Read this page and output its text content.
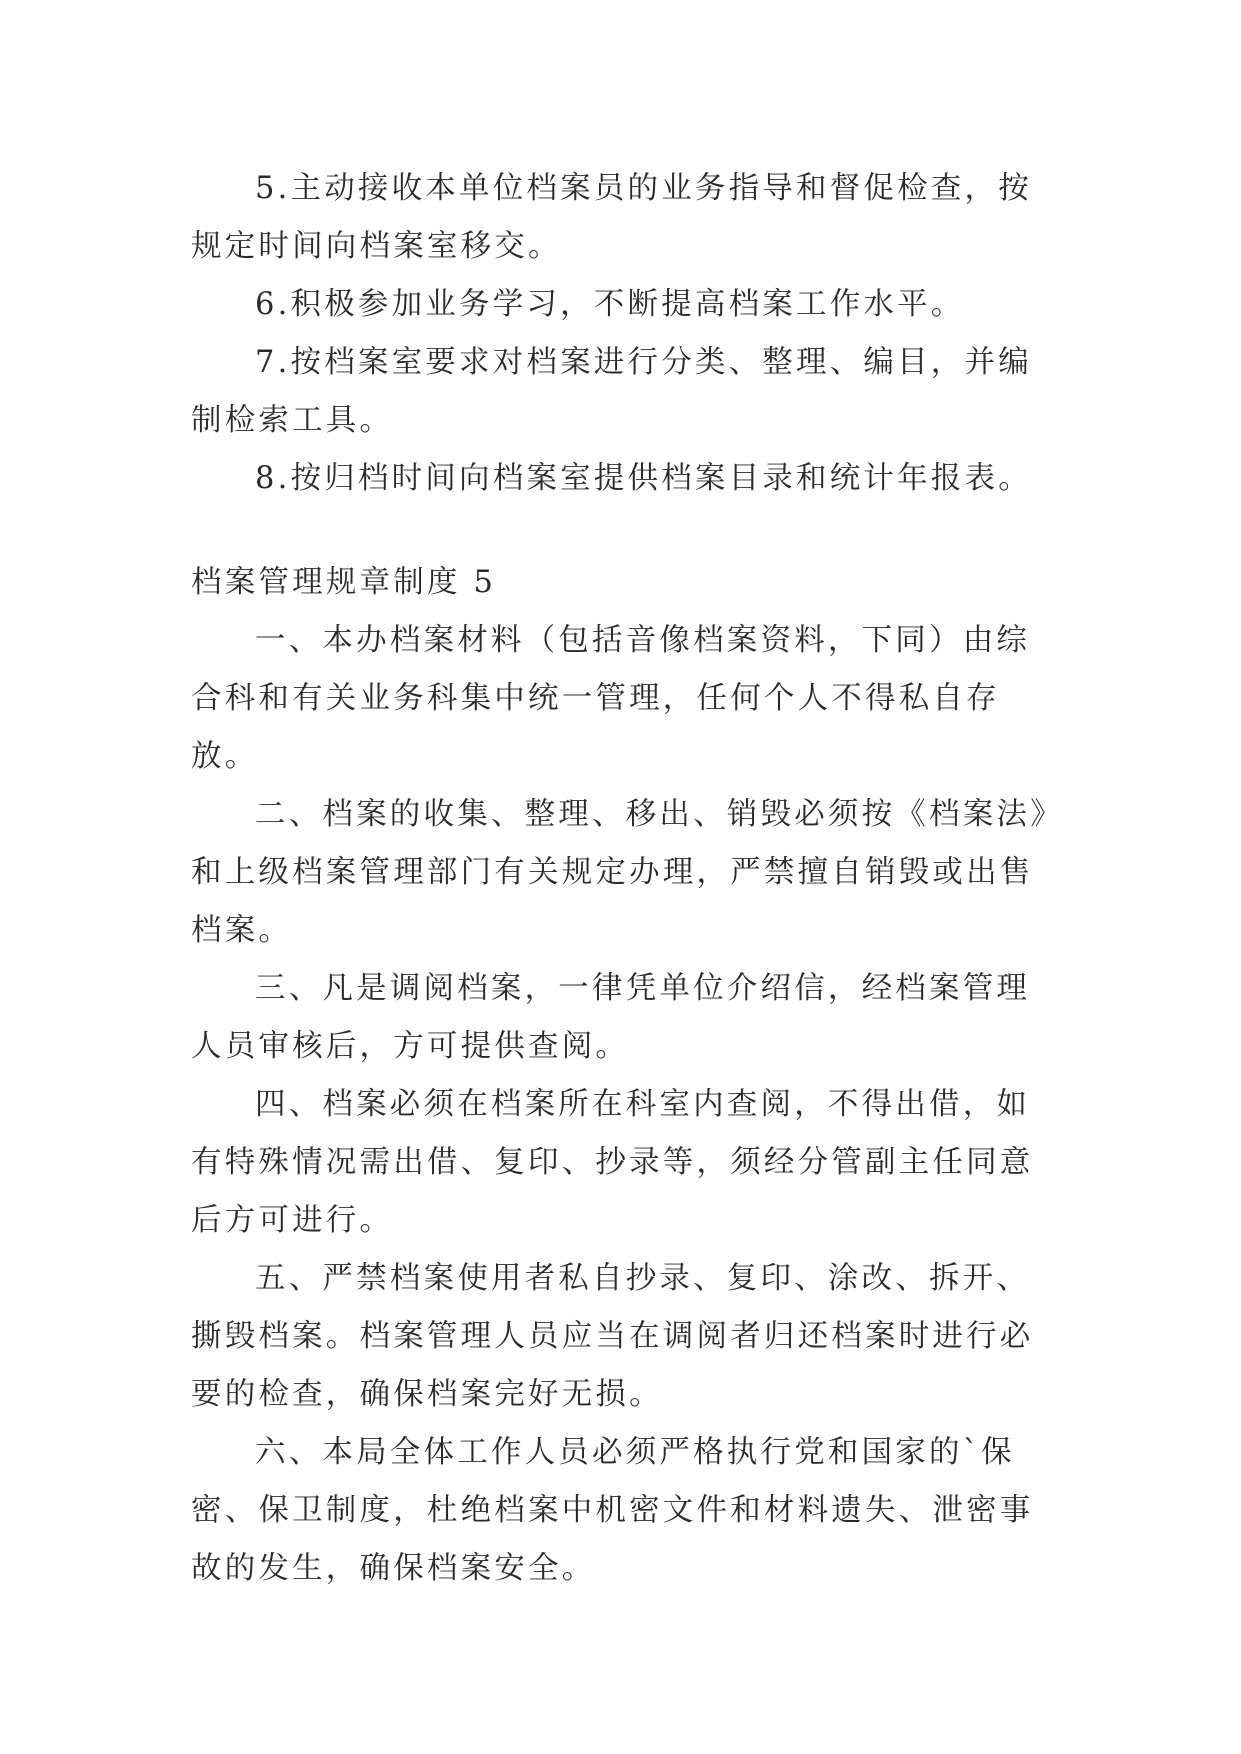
5.主动接收本单位档案员的业务指导和督促检查，按规定时间向档案室移交。

6.积极参加业务学习，不断提高档案工作水平。

7.按档案室要求对档案进行分类、整理、编目，并编制检索工具。

8.按归档时间向档案室提供档案目录和统计年报表。

档案管理规章制度 5

一、本办档案材料（包括音像档案资料，下同）由综合科和有关业务科集中统一管理，任何个人不得私自存放。

二、档案的收集、整理、移出、销毁必须按《档案法》和上级档案管理部门有关规定办理，严禁擅自销毁或出售档案。

三、凡是调阅档案，一律凭单位介绍信，经档案管理人员审核后，方可提供查阅。

四、档案必须在档案所在科室内查阅，不得出借，如有特殊情况需出借、复印、抄录等，须经分管副主任同意后方可进行。

五、严禁档案使用者私自抄录、复印、涂改、拆开、撕毁档案。档案管理人员应当在调阅者归还档案时进行必要的检查，确保档案完好无损。

六、本局全体工作人员必须严格执行党和国家的`保密、保卫制度，杜绝档案中机密文件和材料遗失、泄密事故的发生，确保档案安全。
